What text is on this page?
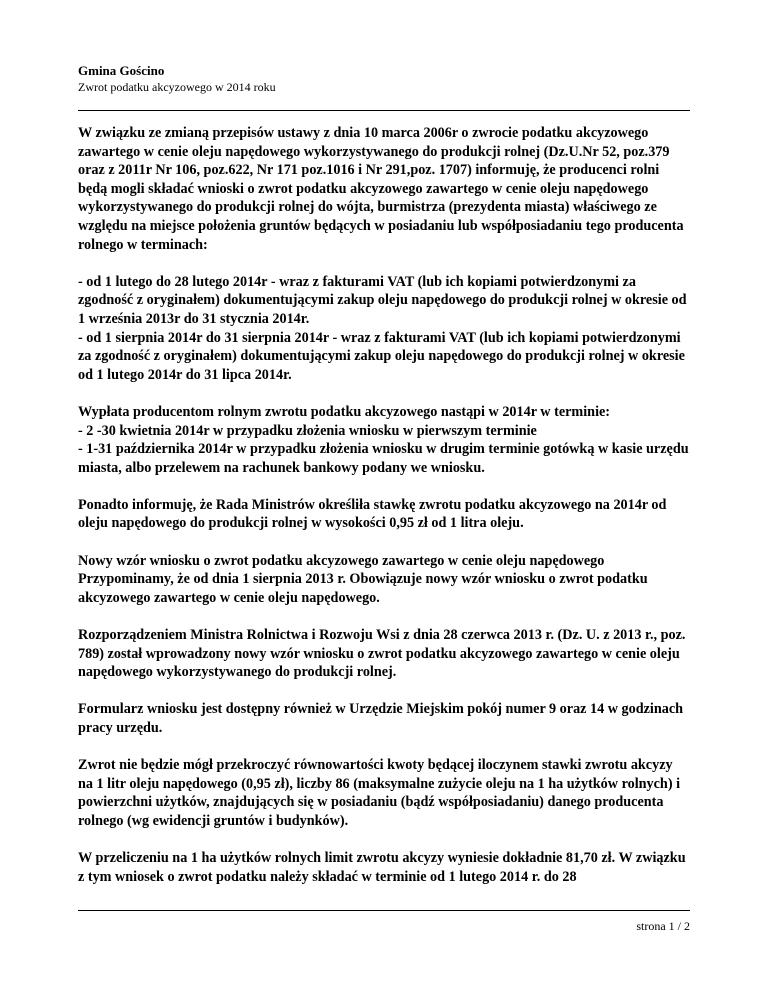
Gmina Gościno
Zwrot podatku akcyzowego w 2014 roku

W związku ze zmianą przepisów ustawy z dnia 10 marca 2006r o zwrocie podatku akcyzowego zawartego w cenie oleju napędowego wykorzystywanego do produkcji rolnej (Dz.U.Nr 52, poz.379 oraz z 2011r Nr 106, poz.622, Nr 171 poz.1016 i Nr 291,poz. 1707) informuję, że producenci rolni będą mogli składać wnioski o zwrot podatku akcyzowego zawartego w cenie oleju napędowego wykorzystywanego do produkcji rolnej do wójta, burmistrza (prezydenta miasta) właściwego ze względu na miejsce położenia gruntów będących w posiadaniu lub współposiadaniu tego producenta rolnego w terminach:

- od 1 lutego do 28 lutego 2014r - wraz z fakturami VAT (lub ich kopiami potwierdzonymi za zgodność z oryginałem) dokumentującymi zakup oleju napędowego do produkcji rolnej w okresie od 1 września 2013r do 31 stycznia 2014r.
- od 1 sierpnia 2014r do 31 sierpnia 2014r - wraz z fakturami VAT (lub ich kopiami potwierdzonymi za zgodność z oryginałem) dokumentującymi zakup oleju napędowego do produkcji rolnej w okresie od 1 lutego 2014r do 31 lipca 2014r.

Wypłata producentom rolnym zwrotu podatku akcyzowego nastąpi w 2014r w terminie:
- 2 -30 kwietnia 2014r w przypadku złożenia wniosku w pierwszym terminie
- 1-31 października 2014r w przypadku złożenia wniosku w drugim terminie gotówką w kasie urzędu miasta, albo przelewem na rachunek bankowy podany we wniosku.

Ponadto informuję, że Rada Ministrów określiła stawkę zwrotu podatku akcyzowego na 2014r od oleju napędowego do produkcji rolnej w wysokości 0,95 zł od 1 litra oleju.

Nowy wzór wniosku o zwrot podatku akcyzowego zawartego w cenie oleju napędowego
Przypominamy, że od dnia 1 sierpnia 2013 r. Obowiązuje nowy wzór wniosku o zwrot podatku akcyzowego zawartego w cenie oleju napędowego.

Rozporządzeniem Ministra Rolnictwa i Rozwoju Wsi z dnia 28 czerwca 2013 r. (Dz. U. z 2013 r., poz. 789) został wprowadzony nowy wzór wniosku o zwrot podatku akcyzowego zawartego w cenie oleju napędowego wykorzystywanego do produkcji rolnej.

Formularz wniosku jest dostępny również w Urzędzie Miejskim pokój numer 9 oraz 14 w godzinach pracy urzędu.

Zwrot nie będzie mógł przekroczyć równowartości kwoty będącej iloczynem stawki zwrotu akcyzy na 1 litr oleju napędowego (0,95 zł), liczby 86 (maksymalne zużycie oleju na 1 ha użytków rolnych) i powierzchni użytków, znajdujących się w posiadaniu (bądź współposiadaniu) danego producenta rolnego (wg ewidencji gruntów i budynków).

W przeliczeniu na 1 ha użytków rolnych limit zwrotu akcyzy wyniesie dokładnie 81,70 zł. W związku z tym wniosek o zwrot podatku należy składać w terminie od 1 lutego 2014 r. do 28

strona 1 / 2
